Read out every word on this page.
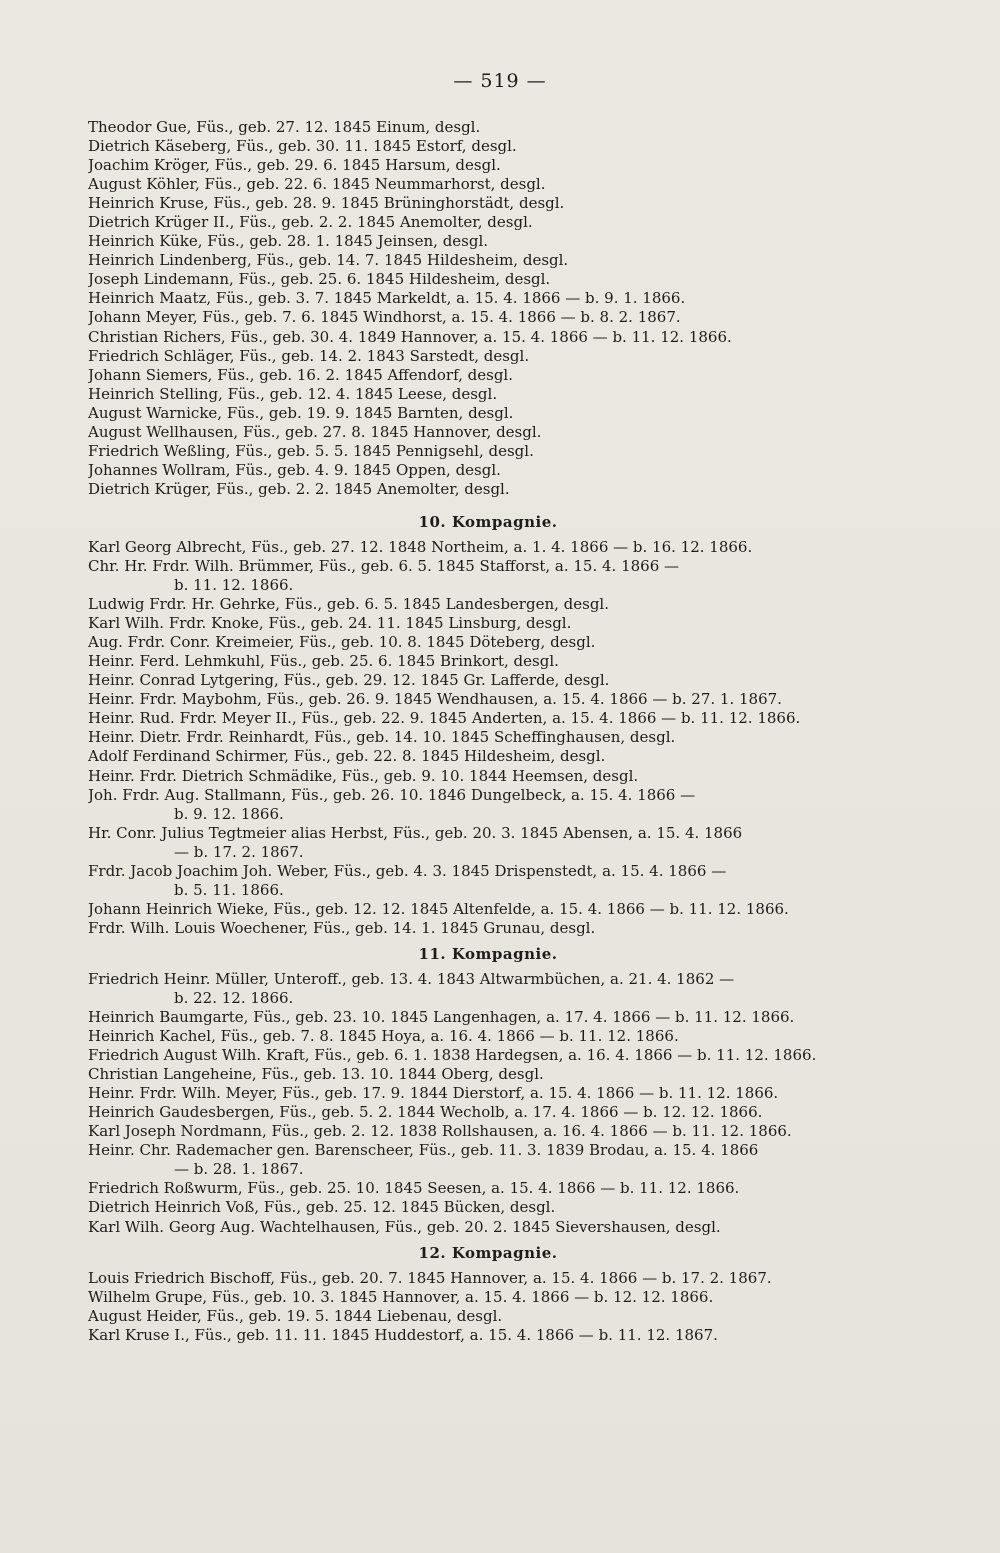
— 519 —
Theodor Gue, Füs., geb. 27. 12. 1845 Einum, desgl.
Dietrich Käseberg, Füs., geb. 30. 11. 1845 Estorf, desgl.
Joachim Kröger, Füs., geb. 29. 6. 1845 Harsum, desgl.
August Köhler, Füs., geb. 22. 6. 1845 Neummarhorst, desgl.
Heinrich Kruse, Füs., geb. 28. 9. 1845 Brüninghorstädt, desgl.
Dietrich Krüger II., Füs., geb. 2. 2. 1845 Anemolter, desgl.
Heinrich Küke, Füs., geb. 28. 1. 1845 Jeinsen, desgl.
Heinrich Lindenberg, Füs., geb. 14. 7. 1845 Hildesheim, desgl.
Joseph Lindemann, Füs., geb. 25. 6. 1845 Hildesheim, desgl.
Heinrich Maatz, Füs., geb. 3. 7. 1845 Markeldt, a. 15. 4. 1866 — b. 9. 1. 1866.
Johann Meyer, Füs., geb. 7. 6. 1845 Windhorst, a. 15. 4. 1866 — b. 8. 2. 1867.
Christian Richers, Füs., geb. 30. 4. 1849 Hannover, a. 15. 4. 1866 — b. 11. 12. 1866.
Friedrich Schläger, Füs., geb. 14. 2. 1843 Sarstedt, desgl.
Johann Siemers, Füs., geb. 16. 2. 1845 Affendorf, desgl.
Heinrich Stelling, Füs., geb. 12. 4. 1845 Leese, desgl.
August Warnicke, Füs., geb. 19. 9. 1845 Barnten, desgl.
August Wellhausen, Füs., geb. 27. 8. 1845 Hannover, desgl.
Friedrich Weßling, Füs., geb. 5. 5. 1845 Pennigsehl, desgl.
Johannes Wollram, Füs., geb. 4. 9. 1845 Oppen, desgl.
Dietrich Krüger, Füs., geb. 2. 2. 1845 Anemolter, desgl.
10. Kompagnie.
Karl Georg Albrecht, Füs., geb. 27. 12. 1848 Northeim, a. 1. 4. 1866 — b. 16. 12. 1866.
Chr. Hr. Frdr. Wilh. Brümmer, Füs., geb. 6. 5. 1845 Stafforst, a. 15. 4. 1866 —
b. 11. 12. 1866.
Ludwig Frdr. Hr. Gehrke, Füs., geb. 6. 5. 1845 Landesbergen, desgl.
Karl Wilh. Frdr. Knoke, Füs., geb. 24. 11. 1845 Linsburg, desgl.
Aug. Frdr. Conr. Kreimeier, Füs., geb. 10. 8. 1845 Döteberg, desgl.
Heinr. Ferd. Lehmkuhl, Füs., geb. 25. 6. 1845 Brinkort, desgl.
Heinr. Conrad Lytgering, Füs., geb. 29. 12. 1845 Gr. Lafferde, desgl.
Heinr. Frdr. Maybohm, Füs., geb. 26. 9. 1845 Wendhausen, a. 15. 4. 1866 — b. 27. 1. 1867.
Heinr. Rud. Frdr. Meyer II., Füs., geb. 22. 9. 1845 Anderten, a. 15. 4. 1866 — b. 11. 12. 1866.
Heinr. Dietr. Frdr. Reinhardt, Füs., geb. 14. 10. 1845 Scheffinghausen, desgl.
Adolf Ferdinand Schirmer, Füs., geb. 22. 8. 1845 Hildesheim, desgl.
Heinr. Frdr. Dietrich Schmädike, Füs., geb. 9. 10. 1844 Heemsen, desgl.
Joh. Frdr. Aug. Stallmann, Füs., geb. 26. 10. 1846 Dungelbeck, a. 15. 4. 1866 —
b. 9. 12. 1866.
Hr. Conr. Julius Tegtmeier alias Herbst, Füs., geb. 20. 3. 1845 Abensen, a. 15. 4. 1866
— b. 17. 2. 1867.
Frdr. Jacob Joachim Joh. Weber, Füs., geb. 4. 3. 1845 Drispenstedt, a. 15. 4. 1866 —
b. 5. 11. 1866.
Johann Heinrich Wieke, Füs., geb. 12. 12. 1845 Altenfelde, a. 15. 4. 1866 — b. 11. 12. 1866.
Frdr. Wilh. Louis Woechener, Füs., geb. 14. 1. 1845 Grunau, desgl.
11. Kompagnie.
Friedrich Heinr. Müller, Unteroff., geb. 13. 4. 1843 Altwarmbüchen, a. 21. 4. 1862 —
b. 22. 12. 1866.
Heinrich Baumgarte, Füs., geb. 23. 10. 1845 Langenhagen, a. 17. 4. 1866 — b. 11. 12. 1866.
Heinrich Kachel, Füs., geb. 7. 8. 1845 Hoya, a. 16. 4. 1866 — b. 11. 12. 1866.
Friedrich August Wilh. Kraft, Füs., geb. 6. 1. 1838 Hardegsen, a. 16. 4. 1866 — b. 11. 12. 1866.
Christian Langeheine, Füs., geb. 13. 10. 1844 Oberg, desgl.
Heinr. Frdr. Wilh. Meyer, Füs., geb. 17. 9. 1844 Dierstorf, a. 15. 4. 1866 — b. 11. 12. 1866.
Heinrich Gaudesbergen, Füs., geb. 5. 2. 1844 Wecholb, a. 17. 4. 1866 — b. 12. 12. 1866.
Karl Joseph Nordmann, Füs., geb. 2. 12. 1838 Rollshausen, a. 16. 4. 1866 — b. 11. 12. 1866.
Heinr. Chr. Rademacher gen. Barenscheer, Füs., geb. 11. 3. 1839 Brodau, a. 15. 4. 1866
— b. 28. 1. 1867.
Friedrich Roßwurm, Füs., geb. 25. 10. 1845 Seesen, a. 15. 4. 1866 — b. 11. 12. 1866.
Dietrich Heinrich Voß, Füs., geb. 25. 12. 1845 Bücken, desgl.
Karl Wilh. Georg Aug. Wachtelhausen, Füs., geb. 20. 2. 1845 Sievershausen, desgl.
12. Kompagnie.
Louis Friedrich Bischoff, Füs., geb. 20. 7. 1845 Hannover, a. 15. 4. 1866 — b. 17. 2. 1867.
Wilhelm Grupe, Füs., geb. 10. 3. 1845 Hannover, a. 15. 4. 1866 — b. 12. 12. 1866.
August Heider, Füs., geb. 19. 5. 1844 Liebenau, desgl.
Karl Kruse I., Füs., geb. 11. 11. 1845 Huddestorf, a. 15. 4. 1866 — b. 11. 12. 1867.
